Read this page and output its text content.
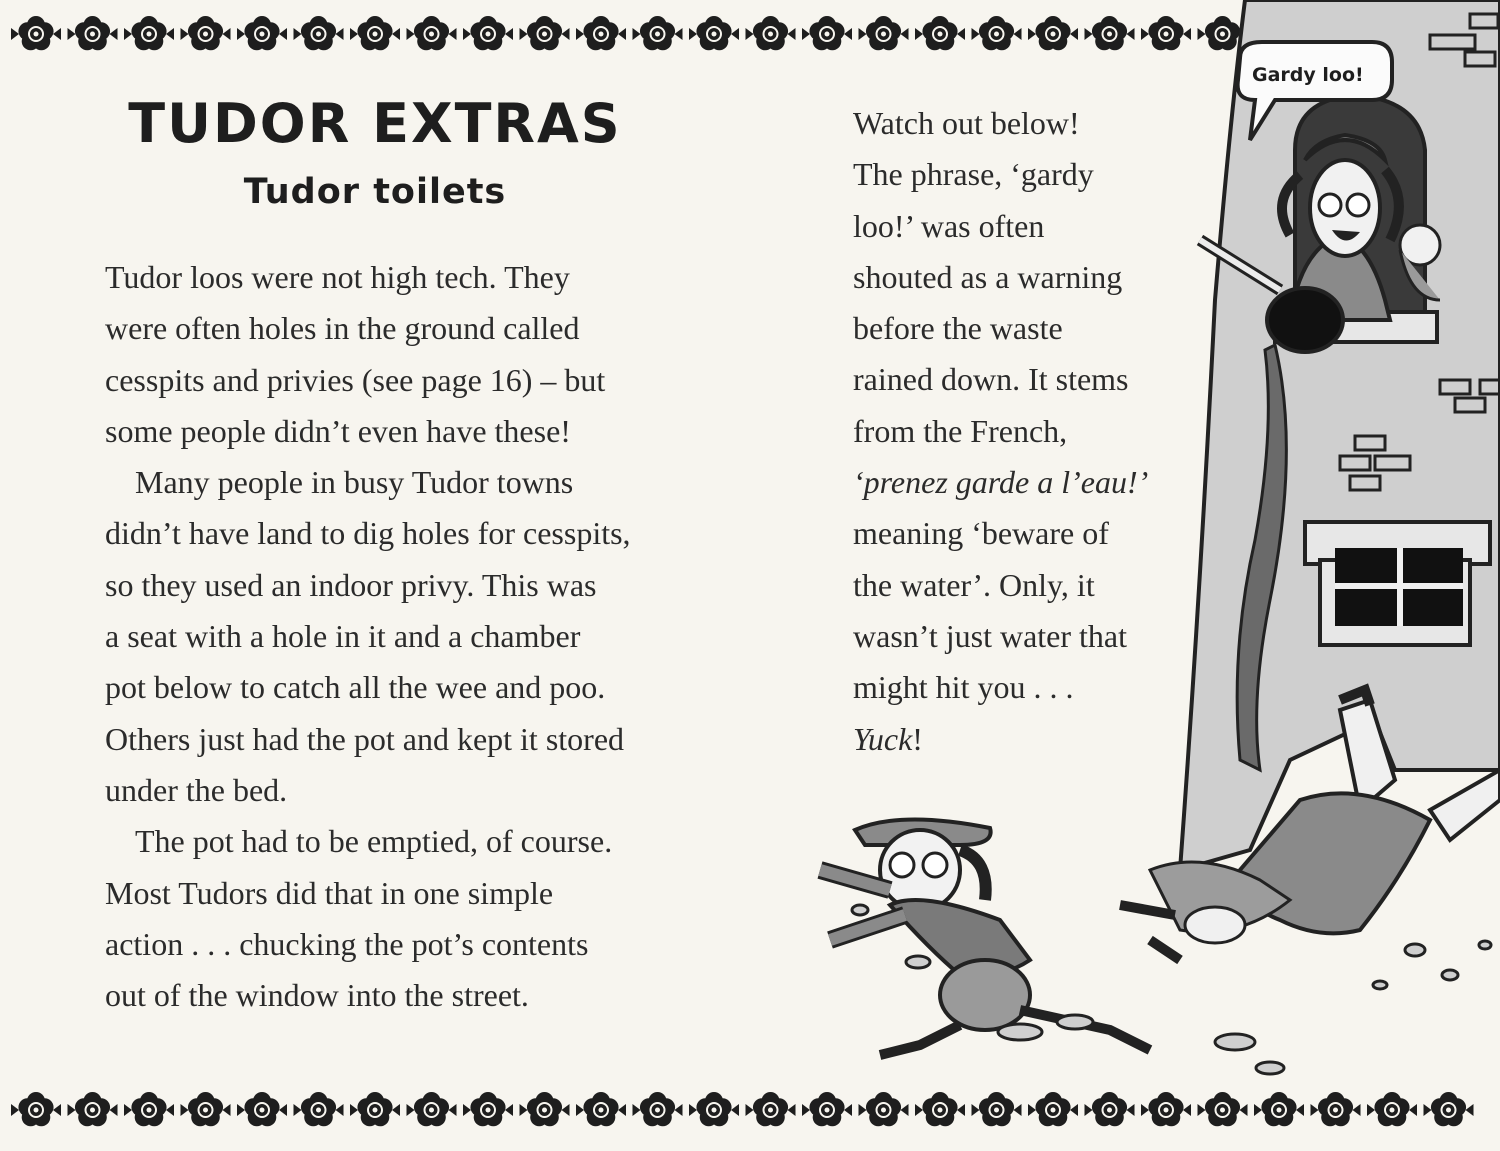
TUDOR EXTRAS
Tudor toilets

Tudor loos were not high tech. They

were often holes in the ground called

cesspits and privies (see page 16) – but

some people didn’t even have these!

Many people in busy Tudor towns

didn’t have land to dig holes for cesspits,

so they used an indoor privy. This was

a seat with a hole in it and a chamber

pot below to catch all the wee and poo.

Others just had the pot and kept it stored

under the bed.

The pot had to be emptied, of course.

Most Tudors did that in one simple

action . . . chucking the pot’s contents

out of the window into the street.

Watch out below!

The phrase, ‘gardy

loo!’ was often

shouted as a warning

before the waste

rained down. It stems

from the French,

‘prenez garde a l’eau!’

meaning ‘beware of

the water’. Only, it

wasn’t just water that

might hit you . . .

Yuck!

Gardy loo!
